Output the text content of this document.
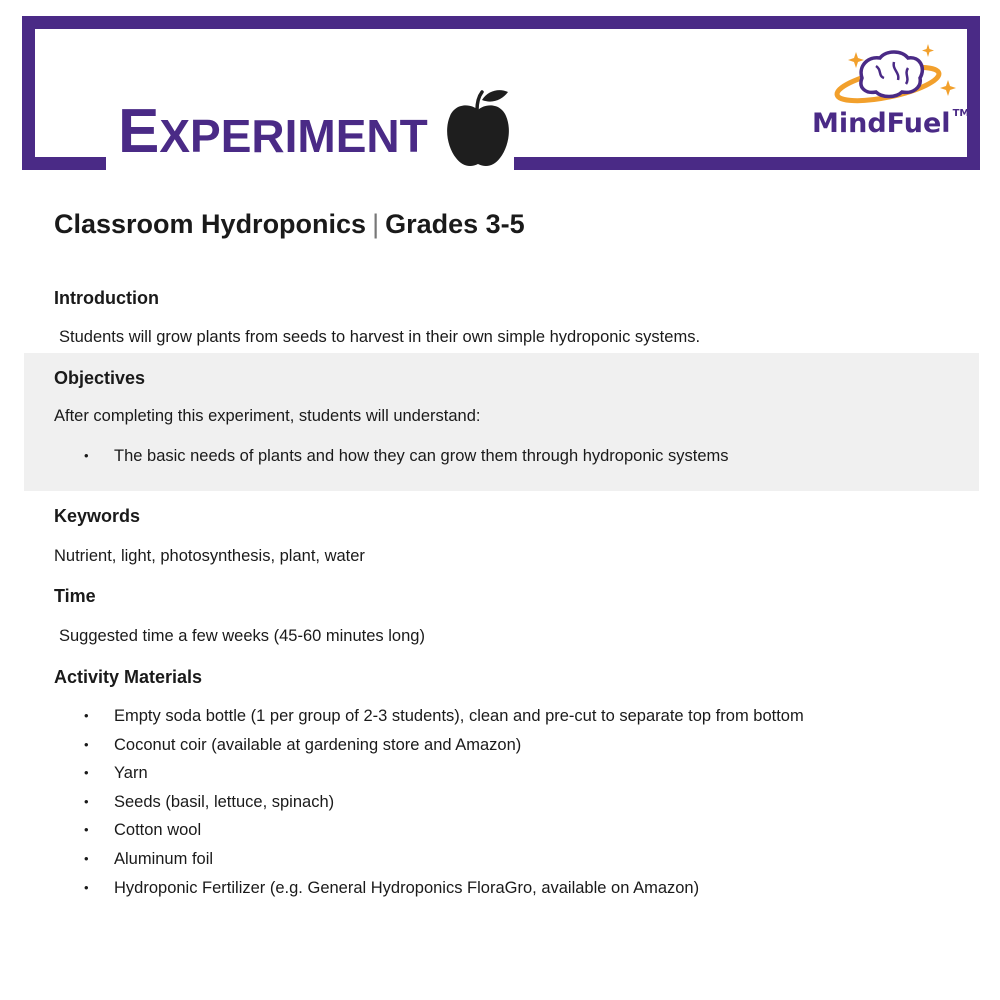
EXPERIMENT	MindFuel ™
Classroom Hydroponics | Grades 3-5
Introduction
Students will grow plants from seeds to harvest in their own simple hydroponic systems.
Objectives
After completing this experiment, students will understand:
• The basic needs of plants and how they can grow them through hydroponic systems
Keywords
Nutrient, light, photosynthesis, plant, water
Time
Suggested time a few weeks (45-60 minutes long)
Activity Materials
• Empty soda bottle (1 per group of 2-3 students), clean and pre-cut to separate top from bottom
• Coconut coir (available at gardening store and Amazon)
• Yarn
• Seeds (basil, lettuce, spinach)
• Cotton wool
• Aluminum foil
• Hydroponic Fertilizer (e.g. General Hydroponics FloraGro, available on Amazon)
